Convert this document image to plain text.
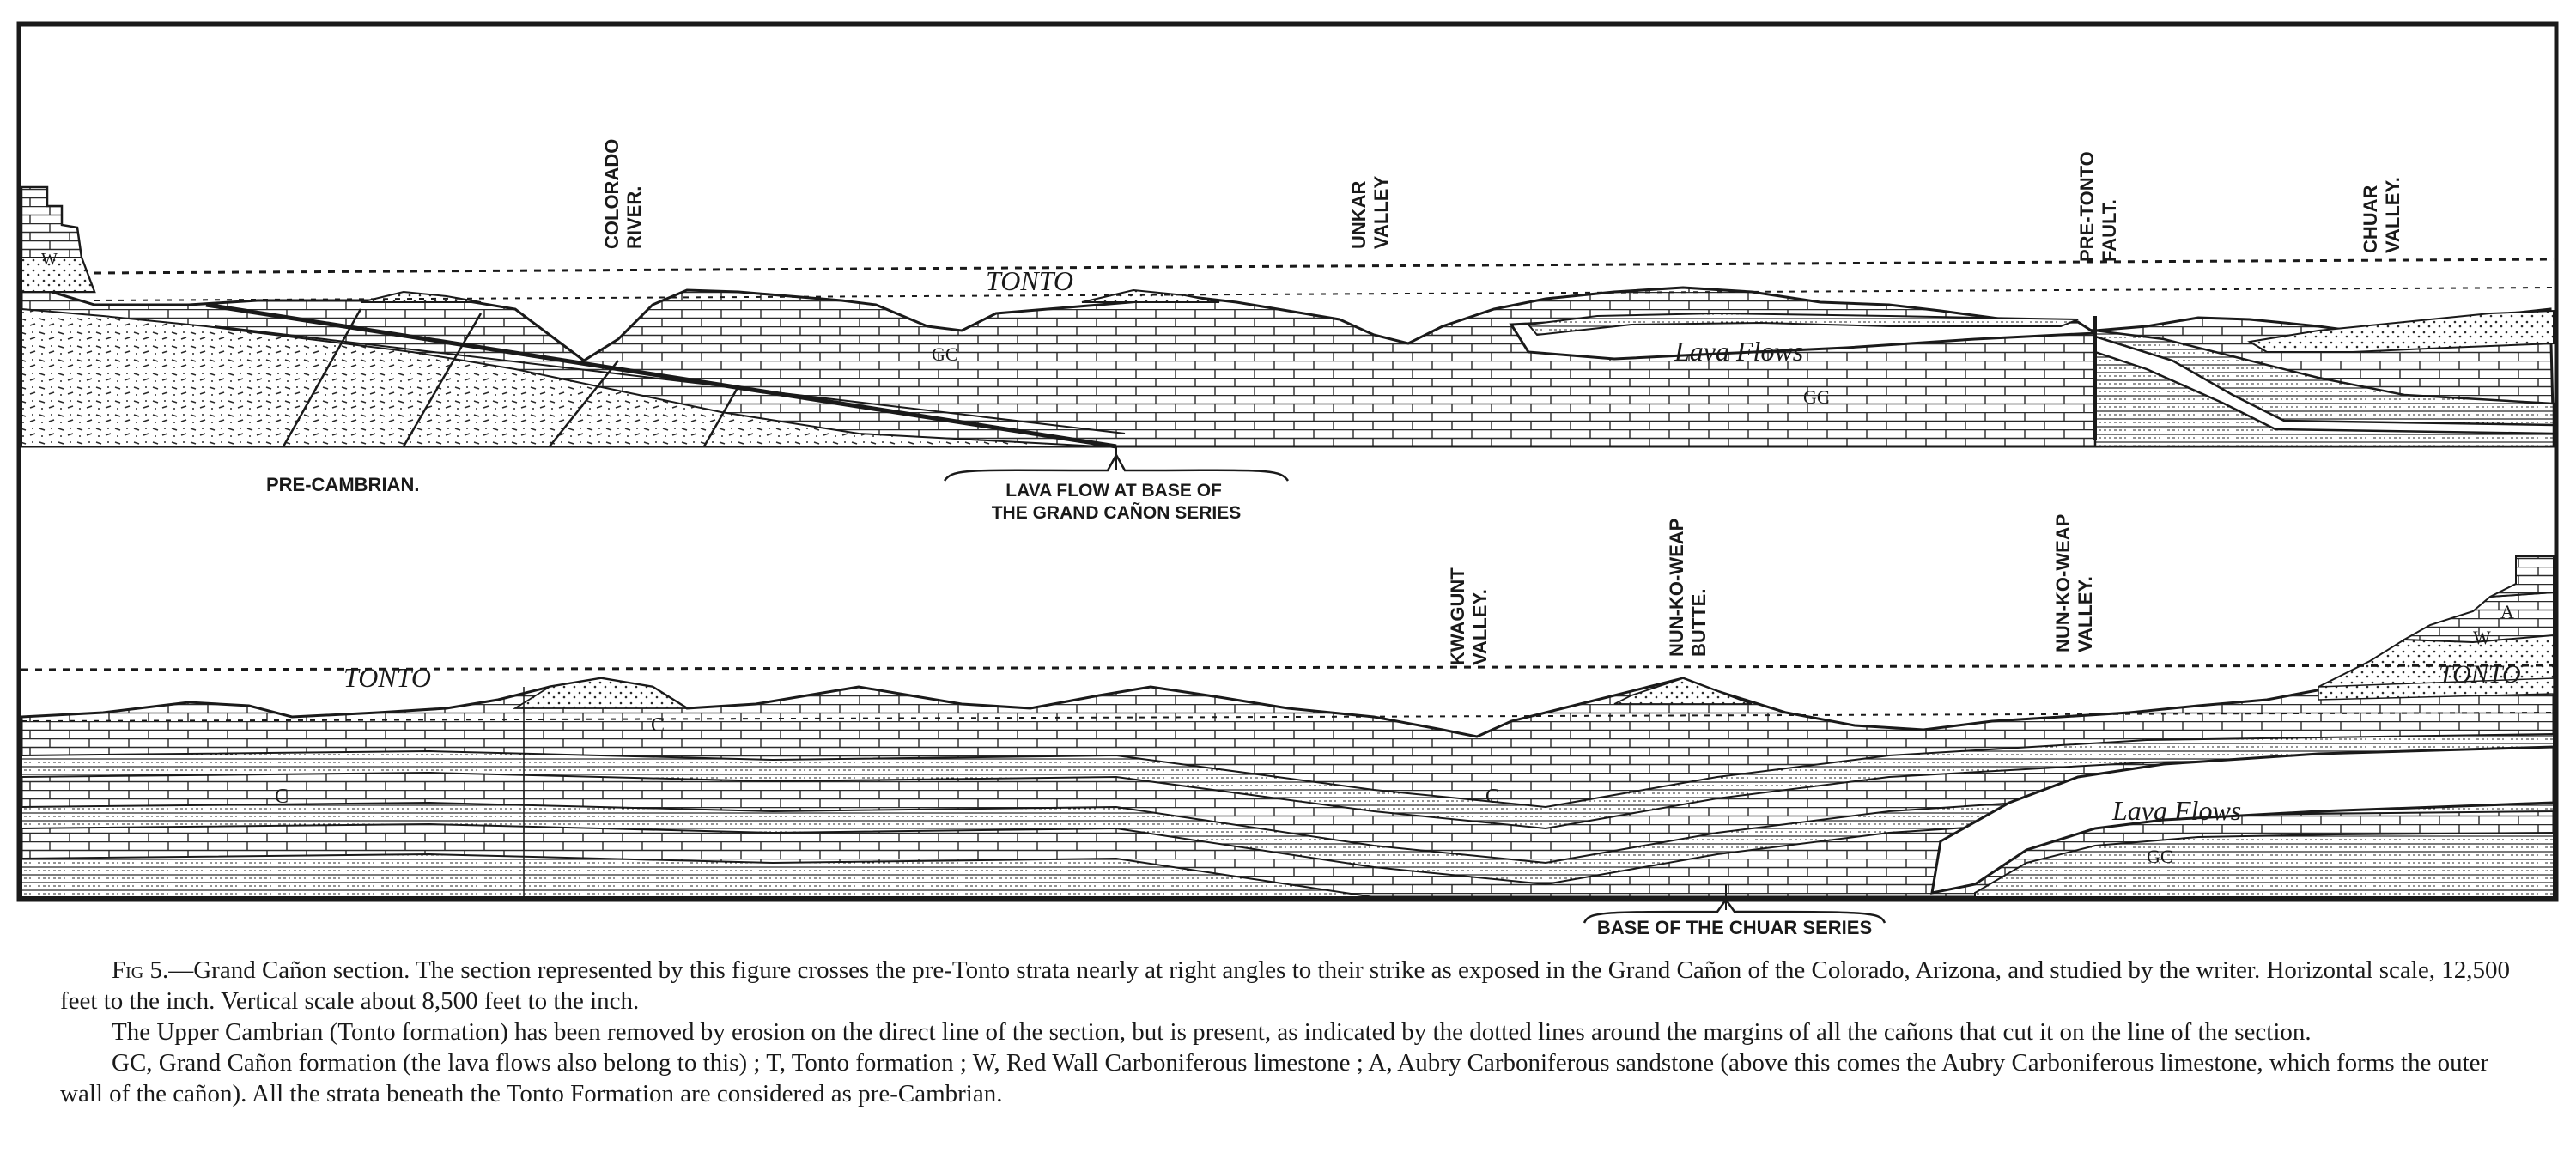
COLORADO RIVER.	UNKAR VALLEY	PRE-TONTO FAULT.	CHUAR VALLEY.
TONTO
Lava Flows
GC
GC
W
PRE-CAMBRIAN.	LAVA FLOW AT BASE OF THE GRAND CAÑON SERIES
KWAGUNT VALLEY.	NUN-KO-WEAP BUTTE.	NUN-KO-WEAP VALLEY.
TONTO	TONTO
Lava Flows
C
C	C
GC
A
W
BASE OF THE CHUAR SERIES

Fig 5.—Grand Cañon section. The section represented by this figure crosses the pre-Tonto strata nearly at right angles to their strike as exposed in the Grand Cañon of the Colorado, Arizona, and studied by the writer. Horizontal scale, 12,500 feet to the inch. Vertical scale about 8,500 feet to the inch.

The Upper Cambrian (Tonto formation) has been removed by erosion on the direct line of the section, but is present, as indicated by the dotted lines around the margins of all the cañons that cut it on the line of the section.

GC, Grand Cañon formation (the lava flows also belong to this) ; T, Tonto formation ; W, Red Wall Carboniferous limestone ; A, Aubry Carboniferous sandstone (above this comes the Aubry Carboniferous limestone, which forms the outer wall of the cañon). All the strata beneath the Tonto Formation are considered as pre-Cambrian.
